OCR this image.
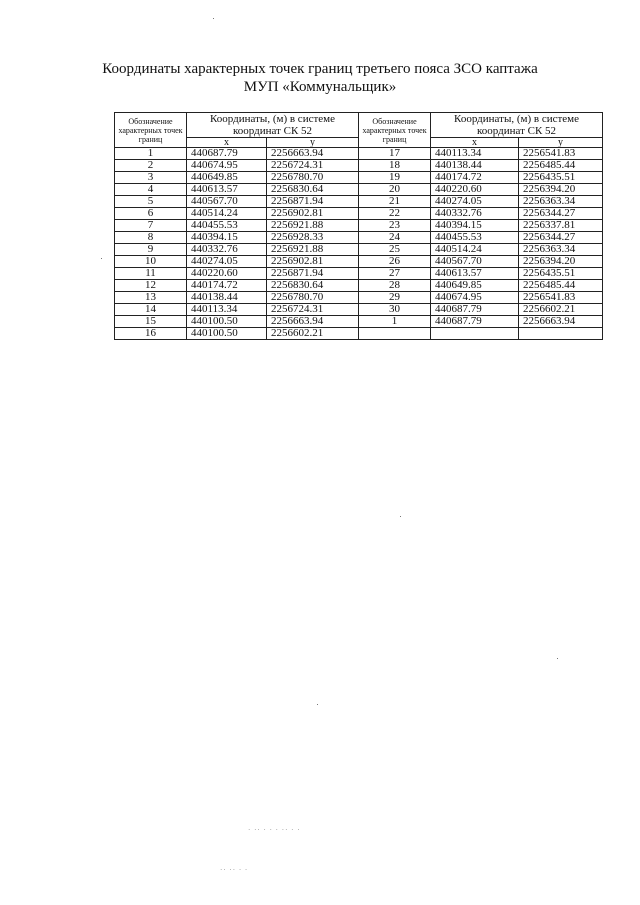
Координаты характерных точек границ третьего пояса ЗСО каптажа
МУП «Коммунальщик»
Обозначение характерных точек границ	Координаты, (м) в системе координат СК 52		Обозначение характерных точек границ	Координаты, (м) в системе координат СК 52	
	x	y		x	y
1	440687.79	2256663.94	17	440113.34	2256541.83
2	440674.95	2256724.31	18	440138.44	2256485.44
3	440649.85	2256780.70	19	440174.72	2256435.51
4	440613.57	2256830.64	20	440220.60	2256394.20
5	440567.70	2256871.94	21	440274.05	2256363.34
6	440514.24	2256902.81	22	440332.76	2256344.27
7	440455.53	2256921.88	23	440394.15	2256337.81
8	440394.15	2256928.33	24	440455.53	2256344.27
9	440332.76	2256921.88	25	440514.24	2256363.34
10	440274.05	2256902.81	26	440567.70	2256394.20
11	440220.60	2256871.94	27	440613.57	2256435.51
12	440174.72	2256830.64	28	440649.85	2256485.44
13	440138.44	2256780.70	29	440674.95	2256541.83
14	440113.34	2256724.31	30	440687.79	2256602.21
15	440100.50	2256663.94	1	440687.79	2256663.94
16	440100.50	2256602.21			
· ·· · · · ·· · ·
·· ·· · ·
